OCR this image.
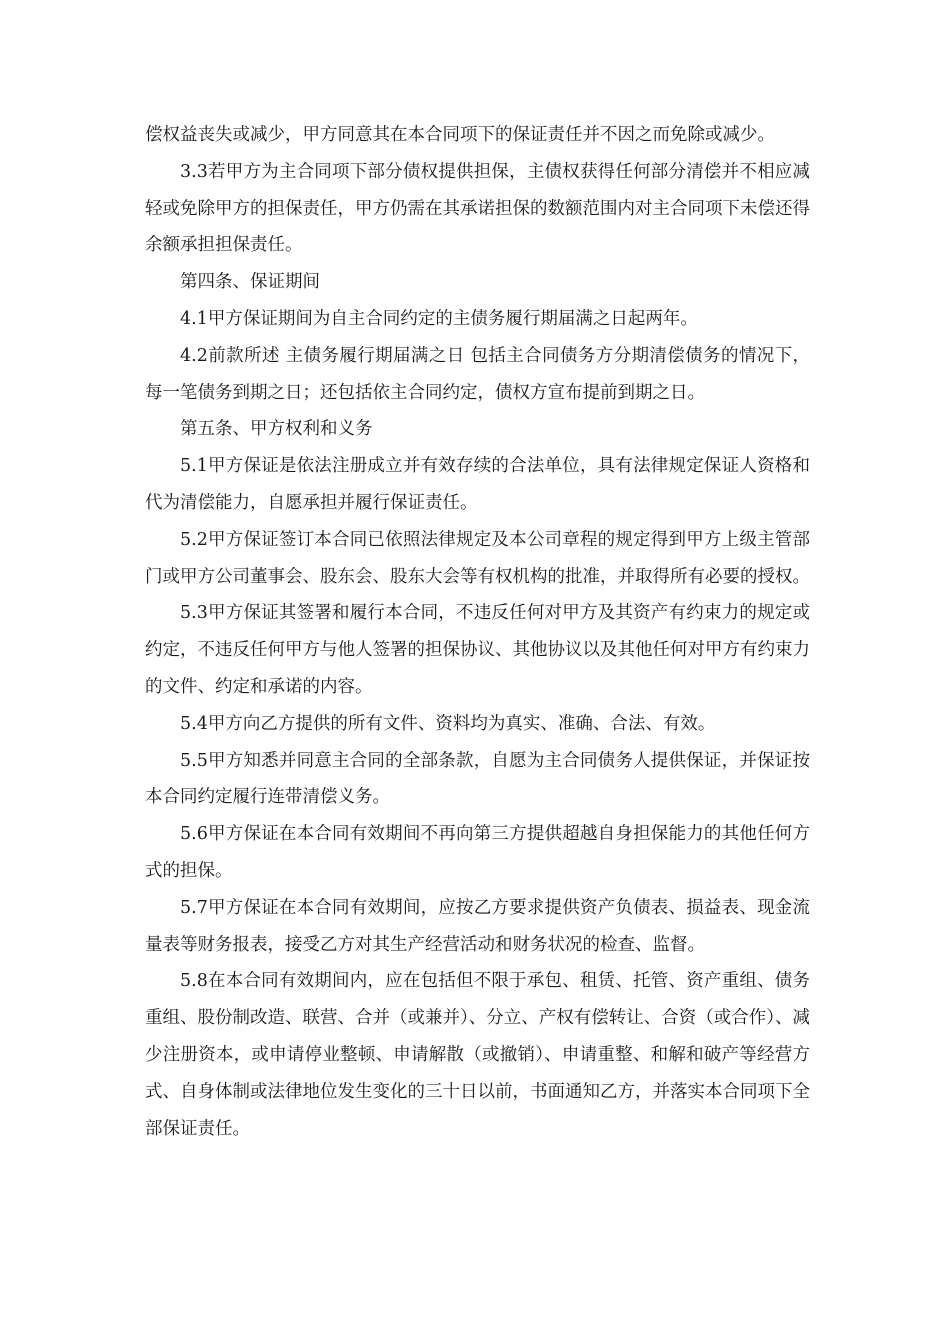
偿权益丧失或减少，甲方同意其在本合同项下的保证责任并不因之而免除或减少。

3.3若甲方为主合同项下部分债权提供担保，主债权获得任何部分清偿并不相应减轻或免除甲方的担保责任，甲方仍需在其承诺担保的数额范围内对主合同项下未偿还得余额承担担保责任。

第四条、保证期间

4.1甲方保证期间为自主合同约定的主债务履行期届满之日起两年。

4.2前款所述 主债务履行期届满之日 包括主合同债务方分期清偿债务的情况下，每一笔债务到期之日；还包括依主合同约定，债权方宣布提前到期之日。

第五条、甲方权利和义务

5.1甲方保证是依法注册成立并有效存续的合法单位，具有法律规定保证人资格和代为清偿能力，自愿承担并履行保证责任。

5.2甲方保证签订本合同已依照法律规定及本公司章程的规定得到甲方上级主管部门或甲方公司董事会、股东会、股东大会等有权机构的批准，并取得所有必要的授权。

5.3甲方保证其签署和履行本合同，不违反任何对甲方及其资产有约束力的规定或约定，不违反任何甲方与他人签署的担保协议、其他协议以及其他任何对甲方有约束力的文件、约定和承诺的内容。

5.4甲方向乙方提供的所有文件、资料均为真实、准确、合法、有效。

5.5甲方知悉并同意主合同的全部条款，自愿为主合同债务人提供保证，并保证按本合同约定履行连带清偿义务。

5.6甲方保证在本合同有效期间不再向第三方提供超越自身担保能力的其他任何方式的担保。

5.7甲方保证在本合同有效期间，应按乙方要求提供资产负债表、损益表、现金流量表等财务报表，接受乙方对其生产经营活动和财务状况的检查、监督。

5.8在本合同有效期间内，应在包括但不限于承包、租赁、托管、资产重组、债务重组、股份制改造、联营、合并（或兼并）、分立、产权有偿转让、合资（或合作）、减少注册资本，或申请停业整顿、申请解散（或撤销）、申请重整、和解和破产等经营方式、自身体制或法律地位发生变化的三十日以前，书面通知乙方，并落实本合同项下全部保证责任。
